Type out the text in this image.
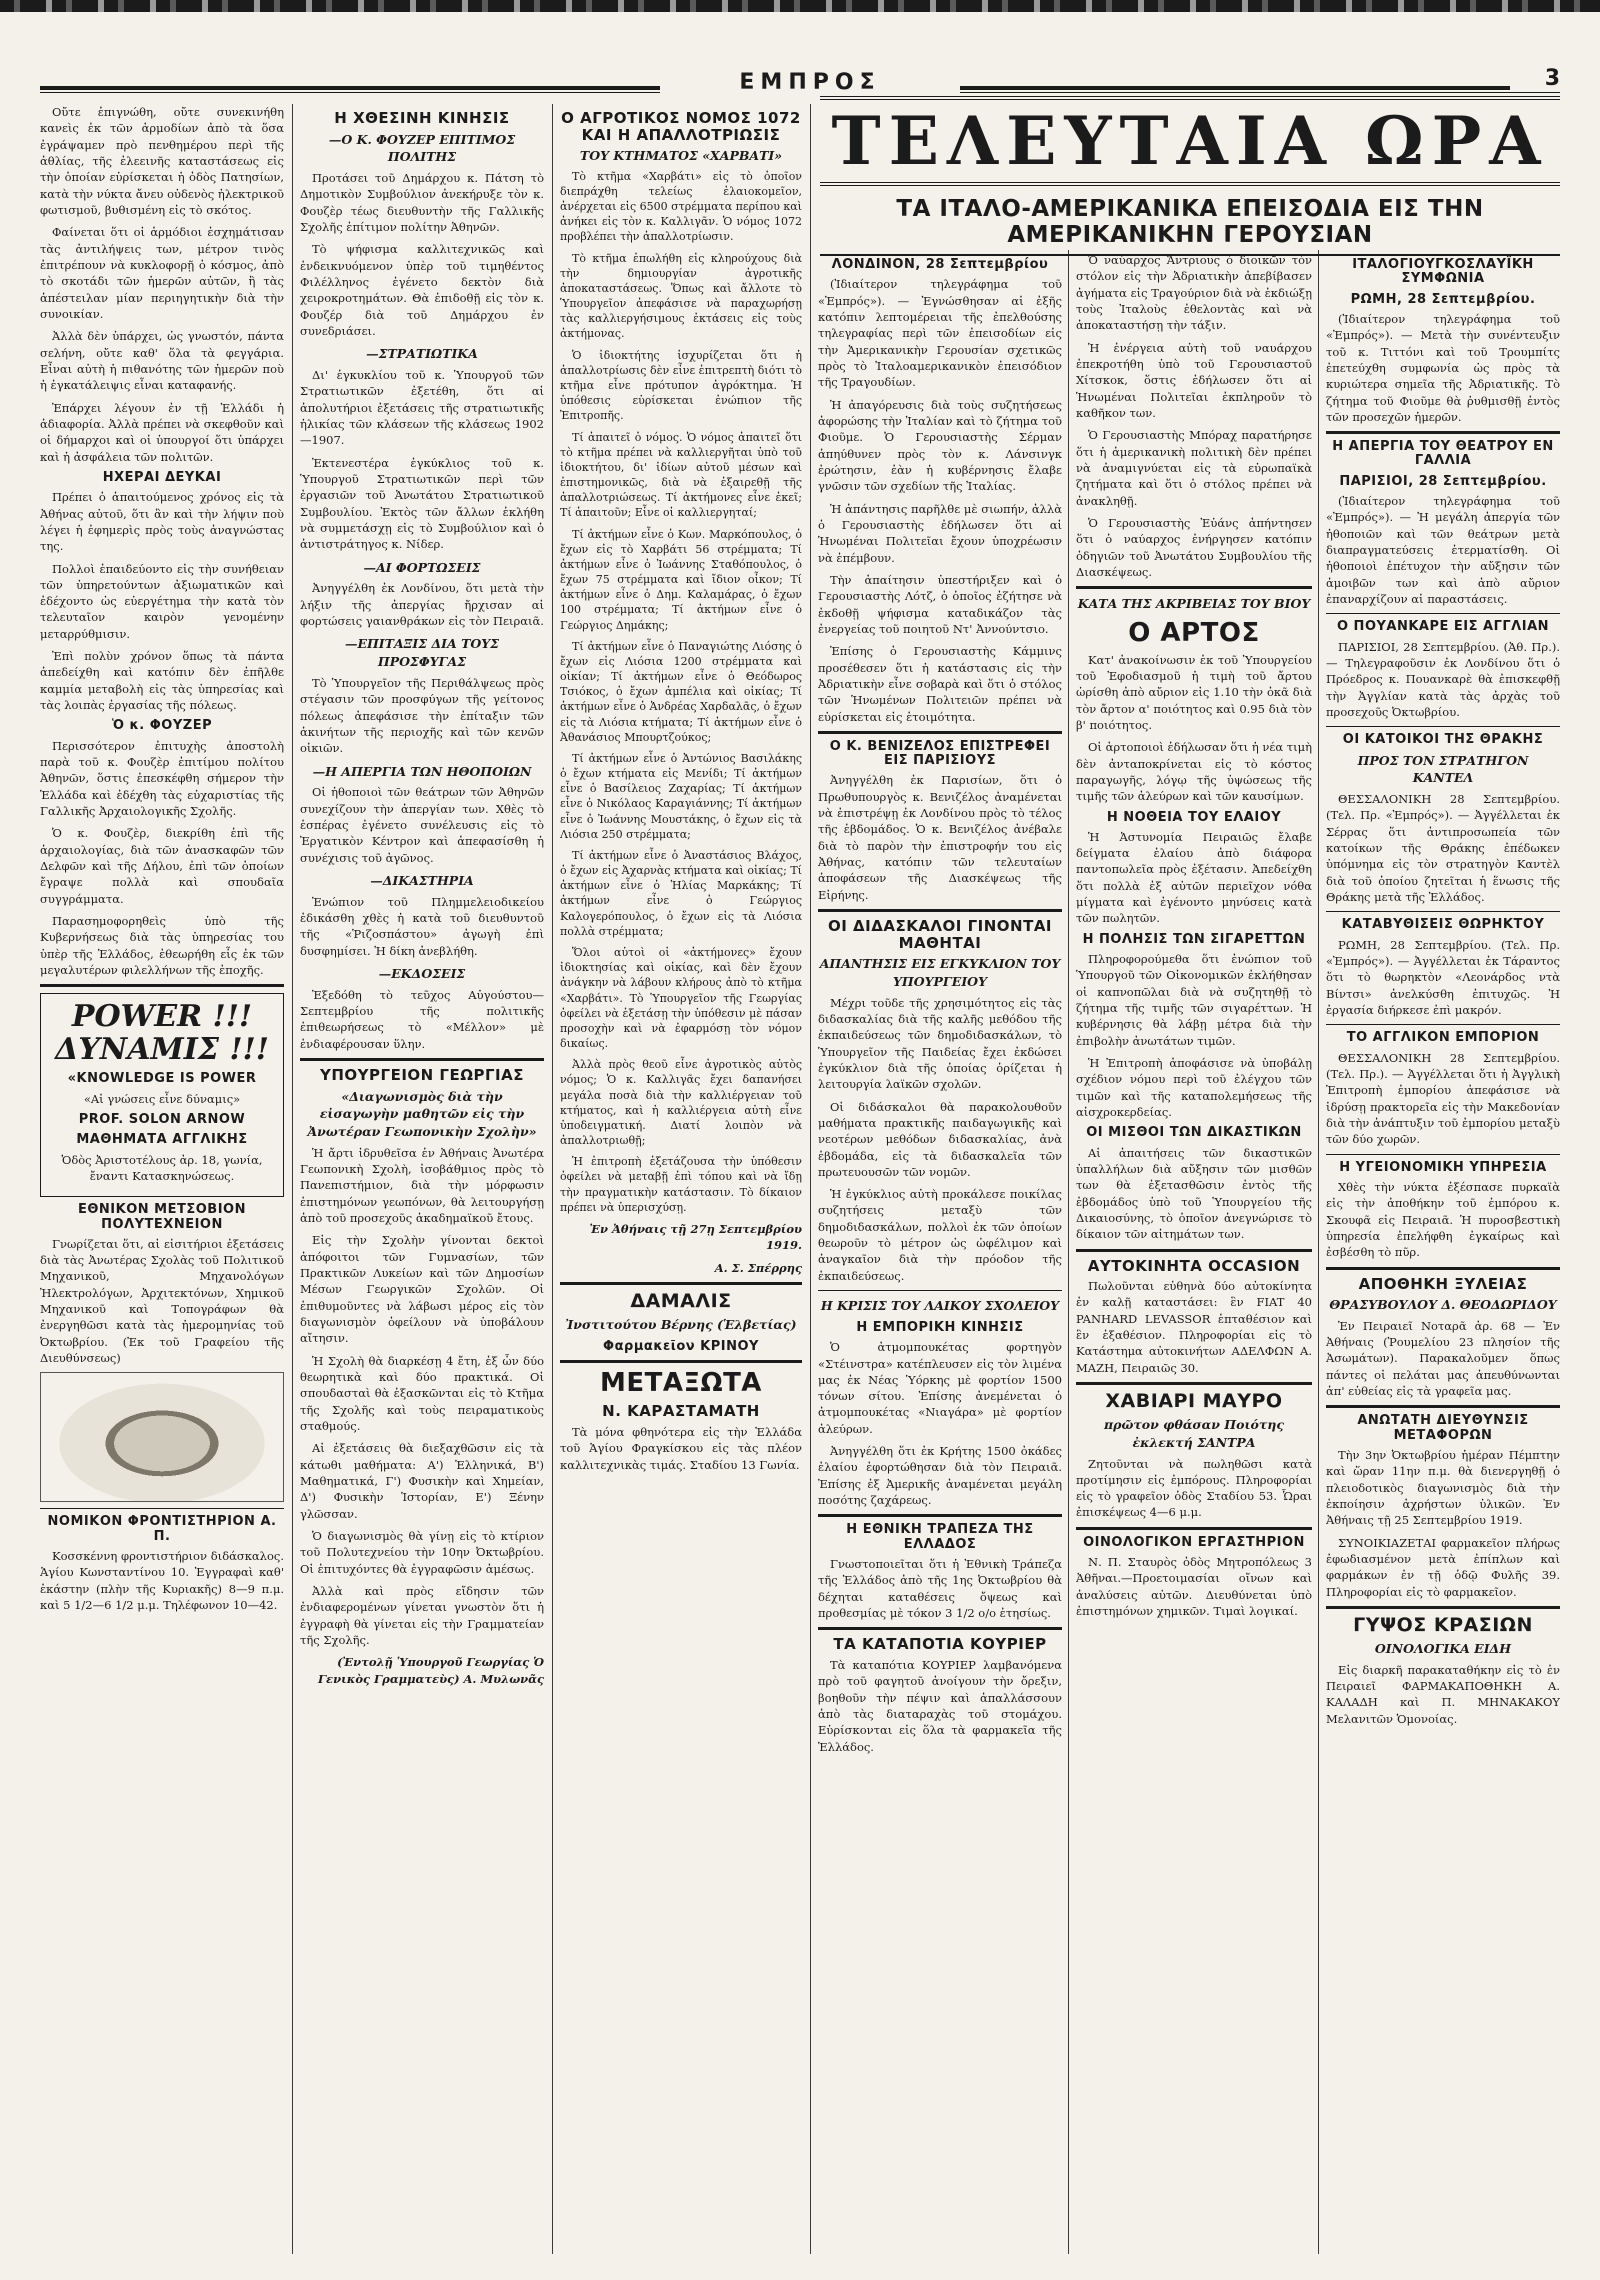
ΕΜΠΡΟΣ	3

Οὔτε ἐπιγνώθη, οὔτε συνεκινήθη κανεὶς ἐκ τῶν ἁρμοδίων ἀπὸ τὰ ὅσα ἐγράψαμεν πρὸ πενθημέρου περὶ τῆς ἀθλίας, τῆς ἐλεεινῆς καταστάσεως εἰς τὴν ὁποίαν εὑρίσκεται ἡ ὁδὸς Πατησίων, κατὰ τὴν νύκτα ἄνευ οὐδενὸς ἠλεκτρικοῦ φωτισμοῦ, βυθισμένη εἰς τὸ σκότος.

Φαίνεται ὅτι οἱ ἁρμόδιοι ἐσχημάτισαν τὰς ἀντιλήψεις των, μέτρον τινὸς ἐπιτρέπουν νὰ κυκλοφορῇ ὁ κόσμος, ἀπὸ τὸ σκοτάδι τῶν ἡμερῶν αὐτῶν, ἢ τὰς ἀπέστειλαν μίαν περιηγητικὴν διὰ τὴν συνοικίαν.

Ἀλλὰ δὲν ὑπάρχει, ὡς γνωστόν, πάντα σελήνη, οὔτε καθ' ὅλα τὰ φεγγάρια. Εἶναι αὐτὴ ἡ πιθανότης τῶν ἡμερῶν ποὺ ἡ ἐγκατάλειψις εἶναι καταφανής.

Ἐπάρχει λέγουν ἐν τῇ Ἑλλάδι ἡ ἀδιαφορία. Ἀλλὰ πρέπει νὰ σκεφθοῦν καὶ οἱ δήμαρχοι καὶ οἱ ὑπουργοί ὅτι ὑπάρχει καὶ ἡ ἀσφάλεια τῶν πολιτῶν.

ΗΧΕΡΑΙ ΔΕΥΚΑΙ

Πρέπει ὁ ἀπαιτούμενος χρόνος εἰς τὰ Ἀθήνας αὐτοῦ, ὅτι ἂν καὶ τὴν λήψιν ποὺ λέγει ἡ ἐφημερὶς πρὸς τοὺς ἀναγνώστας της.

Πολλοὶ ἐπαιδεύοντο εἰς τὴν συνήθειαν τῶν ὑπηρετούντων ἀξιωματικῶν καὶ ἐδέχοντο ὡς εὐεργέτημα τὴν κατὰ τὸν τελευταῖον καιρὸν γενομένην μεταρρύθμισιν.

Ἐπὶ πολὺν χρόνον ὅπως τὰ πάντα ἀπεδείχθη καὶ κατόπιν δὲν ἐπῆλθε καμμία μεταβολὴ εἰς τὰς ὑπηρεσίας καὶ τὰς λοιπὰς ἐργασίας τῆς πόλεως.

Ὁ κ. ΦΟΥΖΕΡ

Περισσότερον ἐπιτυχὴς ἀποστολὴ παρὰ τοῦ κ. Φουζὲρ ἐπιτίμου πολίτου Ἀθηνῶν, ὅστις ἐπεσκέφθη σήμερον τὴν Ἑλλάδα καὶ ἐδέχθη τὰς εὐχαριστίας τῆς Γαλλικῆς Ἀρχαιολογικῆς Σχολῆς.

Ὁ κ. Φουζὲρ, διεκρίθη ἐπὶ τῆς ἀρχαιολογίας, διὰ τῶν ἀνασκαφῶν τῶν Δελφῶν καὶ τῆς Δήλου, ἐπὶ τῶν ὁποίων ἔγραψε πολλὰ καὶ σπουδαῖα συγγράμματα.

Παρασημοφορηθεὶς ὑπὸ τῆς Κυβερνήσεως διὰ τὰς ὑπηρεσίας του ὑπὲρ τῆς Ἑλλάδος, ἐθεωρήθη εἷς ἐκ τῶν μεγαλυτέρων φιλελλήνων τῆς ἐποχῆς.

POWER !!!
ΔΥΝΑΜΙΣ !!!
«KNOWLEDGE IS POWER

«Αἱ γνώσεις εἶνε δύναμις»

PROF. SOLON ARNOW
ΜΑΘΗΜΑΤΑ ΑΓΓΛΙΚΗΣ

Ὁδὸς Ἀριστοτέλους ἀρ. 18, γωνία, ἔναντι Κατασκηνώσεως.

ΕΘΝΙΚΟΝ ΜΕΤΣΟΒΙΟΝ ΠΟΛΥΤΕΧΝΕΙΟΝ

Γνωρίζεται ὅτι, αἱ εἰσιτήριοι ἐξετάσεις διὰ τὰς Ἀνωτέρας Σχολὰς τοῦ Πολιτικοῦ Μηχανικοῦ, Μηχανολόγων Ἠλεκτρολόγων, Ἀρχιτεκτόνων, Χημικοῦ Μηχανικοῦ καὶ Τοπογράφων θὰ ἐνεργηθῶσι κατὰ τὰς ἡμερομηνίας τοῦ Ὀκτωβρίου. (Ἐκ τοῦ Γραφείου τῆς Διευθύνσεως)

ΝΟΜΙΚΟΝ ΦΡΟΝΤΙΣΤΗΡΙΟΝ Α. Π.

Κοσσκέννη φροντιστήριον διδάσκαλος. Ἁγίου Κωνσταντίνου 10. Ἐγγραφαὶ καθ' ἑκάστην (πλὴν τῆς Κυριακῆς) 8—9 π.μ. καὶ 5 1/2—6 1/2 μ.μ. Τηλέφωνον 10—42.

Η ΧΘΕΣΙΝΗ ΚΙΝΗΣΙΣ
—Ο Κ. ΦΟΥΖΕΡ ΕΠΙΤΙΜΟΣ ΠΟΛΙΤΗΣ

Προτάσει τοῦ Δημάρχου κ. Πάτση τὸ Δημοτικὸν Συμβούλιον ἀνεκήρυξε τὸν κ. Φουζὲρ τέως διευθυντὴν τῆς Γαλλικῆς Σχολῆς ἐπίτιμον πολίτην Ἀθηνῶν.

Τὸ ψήφισμα καλλιτεχνικῶς καὶ ἐνδεικνυόμενον ὑπὲρ τοῦ τιμηθέντος Φιλέλληνος ἐγένετο δεκτὸν διὰ χειροκροτημάτων. Θὰ ἐπιδοθῇ εἰς τὸν κ. Φουζέρ διὰ τοῦ Δημάρχου ἐν συνεδριάσει.

—ΣΤΡΑΤΙΩΤΙΚΑ

Δι' ἐγκυκλίου τοῦ κ. Ὑπουργοῦ τῶν Στρατιωτικῶν ἐξετέθη, ὅτι αἱ ἀπολυτήριοι ἐξετάσεις τῆς στρατιωτικῆς ἡλικίας τῶν κλάσεων τῆς κλάσεως 1902—1907.

Ἐκτενεστέρα ἐγκύκλιος τοῦ κ. Ὑπουργοῦ Στρατιωτικῶν περὶ τῶν ἐργασιῶν τοῦ Ἀνωτάτου Στρατιωτικοῦ Συμβουλίου. Ἐκτὸς τῶν ἄλλων ἐκλήθη νὰ συμμετάσχῃ εἰς τὸ Συμβούλιον καὶ ὁ ἀντιστράτηγος κ. Νίδερ.

—ΑΙ ΦΟΡΤΩΣΕΙΣ

Ἀνηγγέλθη ἐκ Λονδίνου, ὅτι μετὰ τὴν λήξιν τῆς ἀπεργίας ἤρχισαν αἱ φορτώσεις γαιανθράκων εἰς τὸν Πειραιᾶ.

—ΕΠΙΤΑΞΙΣ ΔΙΑ ΤΟΥΣ ΠΡΟΣΦΥΓΑΣ

Τὸ Ὑπουργεῖον τῆς Περιθάλψεως πρὸς στέγασιν τῶν προσφύγων τῆς γείτονος πόλεως ἀπεφάσισε τὴν ἐπίταξιν τῶν ἀκινήτων τῆς περιοχῆς καὶ τῶν κενῶν οἰκιῶν.

—Η ΑΠΕΡΓΙΑ ΤΩΝ ΗΘΟΠΟΙΩΝ

Οἱ ἠθοποιοὶ τῶν θεάτρων τῶν Ἀθηνῶν συνεχίζουν τὴν ἀπεργίαν των. Χθὲς τὸ ἑσπέρας ἐγένετο συνέλευσις εἰς τὸ Ἐργατικὸν Κέντρον καὶ ἀπεφασίσθη ἡ συνέχισις τοῦ ἀγῶνος.

—ΔΙΚΑΣΤΗΡΙΑ

Ἐνώπιον τοῦ Πλημμελειοδικείου ἐδικάσθη χθὲς ἡ κατὰ τοῦ διευθυντοῦ τῆς «Ῥιζοσπάστου» ἀγωγὴ ἐπὶ δυσφημίσει. Ἡ δίκη ἀνεβλήθη.

—ΕΚΔΟΣΕΙΣ

Ἐξεδόθη τὸ τεῦχος Αὐγούστου—Σεπτεμβρίου τῆς πολιτικῆς ἐπιθεωρήσεως τὸ «Μέλλον» μὲ ἐνδιαφέρουσαν ὕλην.

ΥΠΟΥΡΓΕΙΟΝ ΓΕΩΡΓΙΑΣ
«Διαγωνισμὸς διὰ τὴν εἰσαγωγὴν μαθητῶν εἰς τὴν Ἀνωτέραν Γεωπονικὴν Σχολὴν»

Ἡ ἄρτι ἱδρυθεῖσα ἐν Ἀθήναις Ἀνωτέρα Γεωπονικὴ Σχολὴ, ἱσοβάθμιος πρὸς τὸ Πανεπιστήμιον, διὰ τὴν μόρφωσιν ἐπιστημόνων γεωπόνων, θὰ λειτουργήσῃ ἀπὸ τοῦ προσεχοῦς ἀκαδημαϊκοῦ ἔτους.

Εἰς τὴν Σχολὴν γίνονται δεκτοὶ ἀπόφοιτοι τῶν Γυμνασίων, τῶν Πρακτικῶν Λυκείων καὶ τῶν Δημοσίων Μέσων Γεωργικῶν Σχολῶν. Οἱ ἐπιθυμοῦντες νὰ λάβωσι μέρος εἰς τὸν διαγωνισμὸν ὀφείλουν νὰ ὑποβάλουν αἴτησιν.

Ἡ Σχολὴ θὰ διαρκέσῃ 4 ἔτη, ἐξ ὧν δύο θεωρητικὰ καὶ δύο πρακτικά. Οἱ σπουδασταὶ θὰ ἐξασκῶνται εἰς τὸ Κτῆμα τῆς Σχολῆς καὶ τοὺς πειραματικοὺς σταθμούς.

Αἱ ἐξετάσεις θὰ διεξαχθῶσιν εἰς τὰ κάτωθι μαθήματα: Α') Ἑλληνικά, Β') Μαθηματικά, Γ') Φυσικὴν καὶ Χημείαν, Δ') Φυσικὴν Ἱστορίαν, Ε') Ξένην γλῶσσαν.

Ὁ διαγωνισμὸς θὰ γίνῃ εἰς τὸ κτίριον τοῦ Πολυτεχνείου τὴν 10ην Ὀκτωβρίου. Οἱ ἐπιτυχόντες θὰ ἐγγραφῶσιν ἀμέσως.

Ἀλλὰ καὶ πρὸς εἴδησιν τῶν ἐνδιαφερομένων γίνεται γνωστὸν ὅτι ἡ ἐγγραφὴ θὰ γίνεται εἰς τὴν Γραμματείαν τῆς Σχολῆς.

(Ἐντολῇ Ὑπουργοῦ Γεωργίας Ὁ Γενικὸς Γραμματεὺς) Α. Μυλωνᾶς
Ο ΑΓΡΟΤΙΚΟΣ ΝΟΜΟΣ 1072 ΚΑΙ Η ΑΠΑΛΛΟΤΡΙΩΣΙΣ
ΤΟΥ ΚΤΗΜΑΤΟΣ «ΧΑΡΒΑΤΙ»

Τὸ κτῆμα «Χαρβάτι» εἰς τὸ ὁποῖον διεπράχθη τελείως ἐλαιοκομεῖον, ἀνέρχεται εἰς 6500 στρέμματα περίπου καὶ ἀνήκει εἰς τὸν κ. Καλλιγᾶν. Ὁ νόμος 1072 προβλέπει τὴν ἀπαλλοτρίωσιν.

Τὸ κτῆμα ἐπωλήθη εἰς κληρούχους διὰ τὴν δημιουργίαν ἀγροτικῆς ἀποκαταστάσεως. Ὅπως καὶ ἄλλοτε τὸ Ὑπουργεῖον ἀπεφάσισε νὰ παραχωρήσῃ τὰς καλλιεργήσιμους ἐκτάσεις εἰς τοὺς ἀκτήμονας.

Ὁ ἰδιοκτήτης ἰσχυρίζεται ὅτι ἡ ἀπαλλοτρίωσις δὲν εἶνε ἐπιτρεπτὴ διότι τὸ κτῆμα εἶνε πρότυπον ἀγρόκτημα. Ἡ ὑπόθεσις εὑρίσκεται ἐνώπιον τῆς Ἐπιτροπῆς.

Τί ἀπαιτεῖ ὁ νόμος. Ὁ νόμος ἀπαιτεῖ ὅτι τὸ κτῆμα πρέπει νὰ καλλιεργῆται ὑπὸ τοῦ ἰδιοκτήτου, δι' ἰδίων αὐτοῦ μέσων καὶ ἐπιστημονικῶς, διὰ νὰ ἐξαιρεθῇ τῆς ἀπαλλοτριώσεως. Τί ἀκτήμονες εἶνε ἐκεῖ; Τί ἀπαιτοῦν; Εἶνε οἱ καλλιεργηταί;

Τί ἀκτήμων εἶνε ὁ Κων. Μαρκόπουλος, ὁ ἔχων εἰς τὸ Χαρβάτι 56 στρέμματα; Τί ἀκτήμων εἶνε ὁ Ἰωάννης Σταθόπουλος, ὁ ἔχων 75 στρέμματα καὶ ἴδιον οἶκον; Τί ἀκτήμων εἶνε ὁ Δημ. Καλαμάρας, ὁ ἔχων 100 στρέμματα; Τί ἀκτήμων εἶνε ὁ Γεώργιος Δημάκης;

Τί ἀκτήμων εἶνε ὁ Παναγιώτης Λιόσης ὁ ἔχων εἰς Λιόσια 1200 στρέμματα καὶ οἰκίαν; Τί ἀκτήμων εἶνε ὁ Θεόδωρος Τσιόκος, ὁ ἔχων ἀμπέλια καὶ οἰκίας; Τί ἀκτήμων εἶνε ὁ Ἀνδρέας Χαρδαλᾶς, ὁ ἔχων εἰς τὰ Λιόσια κτήματα; Τί ἀκτήμων εἶνε ὁ Ἀθανάσιος Μπουρτζούκος;

Τί ἀκτήμων εἶνε ὁ Ἀντώνιος Βασιλάκης ὁ ἔχων κτήματα εἰς Μενίδι; Τί ἀκτήμων εἶνε ὁ Βασίλειος Ζαχαρίας; Τί ἀκτήμων εἶνε ὁ Νικόλαος Καραγιάννης; Τί ἀκτήμων εἶνε ὁ Ἰωάννης Μουστάκης, ὁ ἔχων εἰς τὰ Λιόσια 250 στρέμματα;

Τί ἀκτήμων εἶνε ὁ Ἀναστάσιος Βλάχος, ὁ ἔχων εἰς Ἀχαρνὰς κτήματα καὶ οἰκίας; Τί ἀκτήμων εἶνε ὁ Ἡλίας Μαρκάκης; Τί ἀκτήμων εἶνε ὁ Γεώργιος Καλογερόπουλος, ὁ ἔχων εἰς τὰ Λιόσια πολλὰ στρέμματα;

Ὅλοι αὐτοὶ οἱ «ἀκτήμονες» ἔχουν ἰδιοκτησίας καὶ οἰκίας, καὶ δὲν ἔχουν ἀνάγκην νὰ λάβουν κλήρους ἀπὸ τὸ κτῆμα «Χαρβάτι». Τὸ Ὑπουργεῖον τῆς Γεωργίας ὀφείλει νὰ ἐξετάσῃ τὴν ὑπόθεσιν μὲ πάσαν προσοχὴν καὶ νὰ ἐφαρμόσῃ τὸν νόμον δικαίως.

Ἀλλὰ πρὸς θεοῦ εἶνε ἀγροτικὸς αὐτὸς νόμος; Ὁ κ. Καλλιγᾶς ἔχει δαπανήσει μεγάλα ποσὰ διὰ τὴν καλλιέργειαν τοῦ κτήματος, καὶ ἡ καλλιέργεια αὐτὴ εἶνε ὑποδειγματική. Διατί λοιπὸν νὰ ἀπαλλοτριωθῇ;

Ἡ ἐπιτροπὴ ἐξετάζουσα τὴν ὑπόθεσιν ὀφείλει νὰ μεταβῇ ἐπὶ τόπου καὶ νὰ ἴδῃ τὴν πραγματικὴν κατάστασιν. Τὸ δίκαιον πρέπει νὰ ὑπερισχύσῃ.

Ἐν Ἀθήναις τῇ 27ῃ Σεπτεμβρίου 1919.
Α. Σ. Σπέρρης
ΔΑΜΑΛΙΣ
Ἰνστιτούτου Βέρνης (Ἑλβετίας)
Φαρμακεῖον ΚΡΙΝΟΥ
ΜΕΤΑΞΩΤΑ
Ν. ΚΑΡΑΣΤΑΜΑΤΗ

Τὰ μόνα φθηνότερα εἰς τὴν Ἑλλάδα τοῦ Ἁγίου Φραγκίσκου εἰς τὰς πλέον καλλιτεχνικὰς τιμάς. Σταδίου 13 Γωνία.

ΤΕΛΕΥΤΑΙΑ ΩΡΑ
ΤΑ ΙΤΑΛΟ-ΑΜΕΡΙΚΑΝΙΚΑ ΕΠΕΙΣΟΔΙΑ ΕΙΣ ΤΗΝ ΑΜΕΡΙΚΑΝΙΚΗΝ ΓΕΡΟΥΣΙΑΝ
ΛΟΝΔΙΝΟΝ, 28 Σεπτεμβρίου

(Ἰδιαίτερον τηλεγράφημα τοῦ «Ἐμπρός»). — Ἐγνώσθησαν αἱ ἐξῆς κατόπιν λεπτομέρειαι τῆς ἐπελθούσης τηλεγραφίας περὶ τῶν ἐπεισοδίων εἰς τὴν Ἀμερικανικὴν Γερουσίαν σχετικῶς πρὸς τὸ Ἰταλοαμερικανικὸν ἐπεισόδιον τῆς Τραγουδίων.

Ἡ ἀπαγόρευσις διὰ τοὺς συζητήσεως ἀφορώσης τὴν Ἰταλίαν καὶ τὸ ζήτημα τοῦ Φιοῦμε. Ὁ Γερουσιαστὴς Σέρμαν ἀπηύθυνεν πρὸς τὸν κ. Λάνσινγκ ἐρώτησιν, ἐὰν ἡ κυβέρνησις ἔλαβε γνῶσιν τῶν σχεδίων τῆς Ἰταλίας.

Ἡ ἀπάντησις παρῆλθε μὲ σιωπήν, ἀλλὰ ὁ Γερουσιαστὴς ἐδήλωσεν ὅτι αἱ Ἡνωμέναι Πολιτεῖαι ἔχουν ὑποχρέωσιν νὰ ἐπέμβουν.

Τὴν ἀπαίτησιν ὑπεστήριξεν καὶ ὁ Γερουσιαστὴς Λότζ, ὁ ὁποῖος ἐζήτησε νὰ ἐκδοθῇ ψήφισμα καταδικάζον τὰς ἐνεργείας τοῦ ποιητοῦ Ντ' Ἀννούντσιο.

Ἐπίσης ὁ Γερουσιαστὴς Κάμμινς προσέθεσεν ὅτι ἡ κατάστασις εἰς τὴν Ἀδριατικὴν εἶνε σοβαρὰ καὶ ὅτι ὁ στόλος τῶν Ἡνωμένων Πολιτειῶν πρέπει νὰ εὑρίσκεται εἰς ἑτοιμότητα.

Ο Κ. ΒΕΝΙΖΕΛΟΣ ΕΠΙΣΤΡΕΦΕΙ ΕΙΣ ΠΑΡΙΣΙΟΥΣ

Ἀνηγγέλθη ἐκ Παρισίων, ὅτι ὁ Πρωθυπουργὸς κ. Βενιζέλος ἀναμένεται νὰ ἐπιστρέψῃ ἐκ Λονδίνου πρὸς τὸ τέλος τῆς ἑβδομάδος. Ὁ κ. Βενιζέλος ἀνέβαλε διὰ τὸ παρὸν τὴν ἐπιστροφήν του εἰς Ἀθήνας, κατόπιν τῶν τελευταίων ἀποφάσεων τῆς Διασκέψεως τῆς Εἰρήνης.

ΟΙ ΔΙΔΑΣΚΑΛΟΙ ΓΙΝΟΝΤΑΙ ΜΑΘΗΤΑΙ
ΑΠΑΝΤΗΣΙΣ ΕΙΣ ΕΓΚΥΚΛΙΟΝ ΤΟΥ ΥΠΟΥΡΓΕΙΟΥ

Μέχρι τοῦδε τῆς χρησιμότητος εἰς τὰς διδασκαλίας διὰ τῆς καλῆς μεθόδου τῆς ἐκπαιδεύσεως τῶν δημοδιδασκάλων, τὸ Ὑπουργεῖον τῆς Παιδείας ἔχει ἐκδώσει ἐγκύκλιον διὰ τῆς ὁποίας ὁρίζεται ἡ λειτουργία λαϊκῶν σχολῶν.

Οἱ διδάσκαλοι θὰ παρακολουθοῦν μαθήματα πρακτικῆς παιδαγωγικῆς καὶ νεοτέρων μεθόδων διδασκαλίας, ἀνὰ ἑβδομάδα, εἰς τὰ διδασκαλεῖα τῶν πρωτευουσῶν τῶν νομῶν.

Ἡ ἐγκύκλιος αὐτὴ προκάλεσε ποικίλας συζητήσεις μεταξὺ τῶν δημοδιδασκάλων, πολλοὶ ἐκ τῶν ὁποίων θεωροῦν τὸ μέτρον ὡς ὠφέλιμον καὶ ἀναγκαῖον διὰ τὴν πρόοδον τῆς ἐκπαιδεύσεως.

Η ΚΡΙΣΙΣ ΤΟΥ ΛΑΙΚΟΥ ΣΧΟΛΕΙΟΥ
Η ΕΜΠΟΡΙΚΗ ΚΙΝΗΣΙΣ

Ὁ ἀτμομπουκέτας φορτηγὸν «Στέινστρα» κατέπλευσεν εἰς τὸν λιμένα μας ἐκ Νέας Ὑόρκης μὲ φορτίον 1500 τόνων σίτου. Ἐπίσης ἀνεμένεται ὁ ἀτμομπουκέτας «Νιαγάρα» μὲ φορτίον ἀλεύρων.

Ἀνηγγέλθη ὅτι ἐκ Κρήτης 1500 ὀκάδες ἐλαίου ἐφορτώθησαν διὰ τὸν Πειραιᾶ. Ἐπίσης ἐξ Ἀμερικῆς ἀναμένεται μεγάλη ποσότης ζαχάρεως.

Η ΕΘΝΙΚΗ ΤΡΑΠΕΖΑ ΤΗΣ ΕΛΛΑΔΟΣ

Γνωστοποιεῖται ὅτι ἡ Ἐθνικὴ Τράπεζα τῆς Ἑλλάδος ἀπὸ τῆς 1ης Ὀκτωβρίου θὰ δέχηται καταθέσεις ὄψεως καὶ προθεσμίας μὲ τόκον 3 1/2 ο/ο ἐτησίως.

ΤΑ ΚΑΤΑΠΟΤΙΑ ΚΟΥΡΙΕΡ

Τὰ καταπότια ΚΟΥΡΙΕΡ λαμβανόμενα πρὸ τοῦ φαγητοῦ ἀνοίγουν τὴν ὄρεξιν, βοηθοῦν τὴν πέψιν καὶ ἀπαλλάσσουν ἀπὸ τὰς διαταραχὰς τοῦ στομάχου. Εὑρίσκονται εἰς ὅλα τὰ φαρμακεῖα τῆς Ἑλλάδος.

Ὁ ναύαρχος Ἄντριους ὁ διοικῶν τὸν στόλον εἰς τὴν Ἀδριατικὴν ἀπεβίβασεν ἀγήματα εἰς Τραγούριον διὰ νὰ ἐκδιώξῃ τοὺς Ἰταλοὺς ἐθελοντὰς καὶ νὰ ἀποκαταστήσῃ τὴν τάξιν.

Ἡ ἐνέργεια αὐτὴ τοῦ ναυάρχου ἐπεκροτήθη ὑπὸ τοῦ Γερουσιαστοῦ Χίτσκοκ, ὅστις ἐδήλωσεν ὅτι αἱ Ἡνωμέναι Πολιτεῖαι ἐκπληροῦν τὸ καθῆκον των.

Ὁ Γερουσιαστὴς Μπόραχ παρατήρησε ὅτι ἡ ἀμερικανικὴ πολιτικὴ δὲν πρέπει νὰ ἀναμιγνύεται εἰς τὰ εὐρωπαϊκὰ ζητήματα καὶ ὅτι ὁ στόλος πρέπει νὰ ἀνακληθῇ.

Ὁ Γερουσιαστὴς Ἐὐάνς ἀπήντησεν ὅτι ὁ ναύαρχος ἐνήργησεν κατόπιν ὁδηγιῶν τοῦ Ἀνωτάτου Συμβουλίου τῆς Διασκέψεως.

ΚΑΤΑ ΤΗΣ ΑΚΡΙΒΕΙΑΣ ΤΟΥ ΒΙΟΥ
Ο ΑΡΤΟΣ

Κατ' ἀνακοίνωσιν ἐκ τοῦ Ὑπουργείου τοῦ Ἐφοδιασμοῦ ἡ τιμὴ τοῦ ἄρτου ὡρίσθη ἀπὸ αὔριον εἰς 1.10 τὴν ὀκᾶ διὰ τὸν ἄρτον α' ποιότητος καὶ 0.95 διὰ τὸν β' ποιότητος.

Οἱ ἀρτοποιοὶ ἐδήλωσαν ὅτι ἡ νέα τιμὴ δὲν ἀνταποκρίνεται εἰς τὸ κόστος παραγωγῆς, λόγῳ τῆς ὑψώσεως τῆς τιμῆς τῶν ἀλεύρων καὶ τῶν καυσίμων.

Η ΝΟΘΕΙΑ ΤΟΥ ΕΛΑΙΟΥ

Ἡ Ἀστυνομία Πειραιῶς ἔλαβε δείγματα ἐλαίου ἀπὸ διάφορα παντοπωλεῖα πρὸς ἐξέτασιν. Ἀπεδείχθη ὅτι πολλὰ ἐξ αὐτῶν περιεῖχον νόθα μίγματα καὶ ἐγένοντο μηνύσεις κατὰ τῶν πωλητῶν.

Η ΠΟΛΗΣΙΣ ΤΩΝ ΣΙΓΑΡΕΤΤΩΝ

Πληροφορούμεθα ὅτι ἐνώπιον τοῦ Ὑπουργοῦ τῶν Οἰκονομικῶν ἐκλήθησαν οἱ καπνοπῶλαι διὰ νὰ συζητηθῇ τὸ ζήτημα τῆς τιμῆς τῶν σιγαρέττων. Ἡ κυβέρνησις θὰ λάβῃ μέτρα διὰ τὴν ἐπιβολὴν ἀνωτάτων τιμῶν.

Ἡ Ἐπιτροπὴ ἀποφάσισε νὰ ὑποβάλῃ σχέδιον νόμου περὶ τοῦ ἐλέγχου τῶν τιμῶν καὶ τῆς καταπολεμήσεως τῆς αἰσχροκερδείας.

ΟΙ ΜΙΣΘΟΙ ΤΩΝ ΔΙΚΑΣΤΙΚΩΝ

Αἱ ἀπαιτήσεις τῶν δικαστικῶν ὑπαλλήλων διὰ αὔξησιν τῶν μισθῶν των θὰ ἐξετασθῶσιν ἐντὸς τῆς ἑβδομάδος ὑπὸ τοῦ Ὑπουργείου τῆς Δικαιοσύνης, τὸ ὁποῖον ἀνεγνώρισε τὸ δίκαιον τῶν αἰτημάτων των.

ΑΥΤΟΚΙΝΗΤΑ OCCASION

Πωλοῦνται εὐθηνὰ δύο αὐτοκίνητα ἐν καλῇ καταστάσει: ἓν FIAT 40 PANHARD LEVASSOR ἑπταθέσιον καὶ ἓν ἑξαθέσιον. Πληροφορίαι εἰς τὸ Κατάστημα αὐτοκινήτων ΑΔΕΛΦΩΝ Α. ΜΑΖΗ, Πειραιῶς 30.

ΧΑΒΙΑΡΙ ΜΑΥΡΟ
πρῶτον φθάσαν Ποιότης ἐκλεκτή ΣΑΝΤΡΑ

Ζητοῦνται νὰ πωληθῶσι κατὰ προτίμησιν εἰς ἐμπόρους. Πληροφορίαι εἰς τὸ γραφεῖον ὁδὸς Σταδίου 53. Ὧραι ἐπισκέψεως 4—6 μ.μ.

ΟΙΝΟΛΟΓΙΚΟΝ ΕΡΓΑΣΤΗΡΙΟΝ

Ν. Π. Σταυρὸς ὁδὸς Μητροπόλεως 3 Ἀθῆναι.—Προετοιμασίαι οἴνων καὶ ἀναλύσεις αὐτῶν. Διευθύνεται ὑπὸ ἐπιστημόνων χημικῶν. Τιμαὶ λογικαί.

ΙΤΑΛΟΓΙΟΥΓΚΟΣΛΑΥΪΚΗ ΣΥΜΦΩΝΙΑ
ΡΩΜΗ, 28 Σεπτεμβρίου.

(Ἰδιαίτερον τηλεγράφημα τοῦ «Ἐμπρός»). — Μετὰ τὴν συνέντευξιν τοῦ κ. Τιττόνι καὶ τοῦ Τρουμπίτς ἐπετεύχθη συμφωνία ὡς πρὸς τὰ κυριώτερα σημεῖα τῆς Ἀδριατικῆς. Τὸ ζήτημα τοῦ Φιοῦμε θὰ ῥυθμισθῇ ἐντὸς τῶν προσεχῶν ἡμερῶν.

Η ΑΠΕΡΓΙΑ ΤΟΥ ΘΕΑΤΡΟΥ ΕΝ ΓΑΛΛΙΑ
ΠΑΡΙΣΙΟΙ, 28 Σεπτεμβρίου.

(Ἰδιαίτερον τηλεγράφημα τοῦ «Ἐμπρός»). — Ἡ μεγάλη ἀπεργία τῶν ἠθοποιῶν καὶ τῶν θεάτρων μετὰ διαπραγματεύσεις ἐτερματίσθη. Οἱ ἠθοποιοὶ ἐπέτυχον τὴν αὔξησιν τῶν ἀμοιβῶν των καὶ ἀπὸ αὔριον ἐπαναρχίζουν αἱ παραστάσεις.

Ο ΠΟΥΑΝΚΑΡΕ ΕΙΣ ΑΓΓΛΙΑΝ

ΠΑΡΙΣΙΟΙ, 28 Σεπτεμβρίου. (Ἀθ. Πρ.). — Τηλεγραφοῦσιν ἐκ Λονδίνου ὅτι ὁ Πρόεδρος κ. Πουανκαρὲ θὰ ἐπισκεφθῇ τὴν Ἀγγλίαν κατὰ τὰς ἀρχὰς τοῦ προσεχοῦς Ὀκτωβρίου.

ΟΙ ΚΑΤΟΙΚΟΙ ΤΗΣ ΘΡΑΚΗΣ
ΠΡΟΣ ΤΟΝ ΣΤΡΑΤΗΓΟΝ ΚΑΝΤΕΛ

ΘΕΣΣΑΛΟΝΙΚΗ 28 Σεπτεμβρίου. (Τελ. Πρ. «Ἐμπρός»). — Ἀγγέλλεται ἐκ Σέρρας ὅτι ἀντιπροσωπεία τῶν κατοίκων τῆς Θράκης ἐπέδωκεν ὑπόμνημα εἰς τὸν στρατηγὸν Καντὲλ διὰ τοῦ ὁποίου ζητεῖται ἡ ἕνωσις τῆς Θράκης μετὰ τῆς Ἑλλάδος.

ΚΑΤΑΒΥΘΙΣΕΙΣ ΘΩΡΗΚΤΟΥ

ΡΩΜΗ, 28 Σεπτεμβρίου. (Τελ. Πρ. «Ἐμπρός»). — Ἀγγέλλεται ἐκ Τάραντος ὅτι τὸ θωρηκτὸν «Λεονάρδος ντὰ Βίντσι» ἀνελκύσθη ἐπιτυχῶς. Ἡ ἐργασία διήρκεσε ἐπὶ μακρόν.

ΤΟ ΑΓΓΛΙΚΟΝ ΕΜΠΟΡΙΟΝ

ΘΕΣΣΑΛΟΝΙΚΗ 28 Σεπτεμβρίου. (Τελ. Πρ.). — Ἀγγέλλεται ὅτι ἡ Ἀγγλικὴ Ἐπιτροπὴ ἐμπορίου ἀπεφάσισε νὰ ἱδρύσῃ πρακτορεῖα εἰς τὴν Μακεδονίαν διὰ τὴν ἀνάπτυξιν τοῦ ἐμπορίου μεταξὺ τῶν δύο χωρῶν.

Η ΥΓΕΙΟΝΟΜΙΚΗ ΥΠΗΡΕΣΙΑ

Χθὲς τὴν νύκτα ἐξέσπασε πυρκαϊὰ εἰς τὴν ἀποθήκην τοῦ ἐμπόρου κ. Σκουφᾶ εἰς Πειραιᾶ. Ἡ πυροσβεστικὴ ὑπηρεσία ἐπελήφθη ἐγκαίρως καὶ ἐσβέσθη τὸ πῦρ.

ΑΠΟΘΗΚΗ ΞΥΛΕΙΑΣ
ΘΡΑΣΥΒΟΥΛΟΥ Δ. ΘΕΟΔΩΡΙΔΟΥ

Ἐν Πειραιεῖ Νοταρᾶ ἀρ. 68 — Ἐν Ἀθήναις (Ῥουμελίου 23 πλησίον τῆς Ἀσωμάτων). Παρακαλοῦμεν ὅπως πάντες οἱ πελάται μας ἀπευθύνωνται ἀπ' εὐθείας εἰς τὰ γραφεῖα μας.

ΑΝΩΤΑΤΗ ΔΙΕΥΘΥΝΣΙΣ ΜΕΤΑΦΟΡΩΝ

Τὴν 3ην Ὀκτωβρίου ἡμέραν Πέμπτην καὶ ὥραν 11ην π.μ. θὰ διενεργηθῇ ὁ πλειοδοτικὸς διαγωνισμὸς διὰ τὴν ἐκποίησιν ἀχρήστων ὑλικῶν. Ἐν Ἀθήναις τῇ 25 Σεπτεμβρίου 1919.

ΣΥΝΟΙΚΙΑΖΕΤΑΙ φαρμακεῖον πλήρως ἐφωδιασμένον μετὰ ἐπίπλων καὶ φαρμάκων ἐν τῇ ὁδῷ Φυλῆς 39. Πληροφορίαι εἰς τὸ φαρμακεῖον.

ΓΥΨΟΣ ΚΡΑΣΙΩΝ
ΟΙΝΟΛΟΓΙΚΑ ΕΙΔΗ

Εἰς διαρκῆ παρακαταθήκην εἰς τὸ ἐν Πειραιεῖ ΦΑΡΜΑΚΑΠΟΘΗΚΗ Α. ΚΑΛΑΔΗ καὶ Π. ΜΗΝΑΚΑΚΟΥ Μελανιτῶν Ὁμονοίας.
